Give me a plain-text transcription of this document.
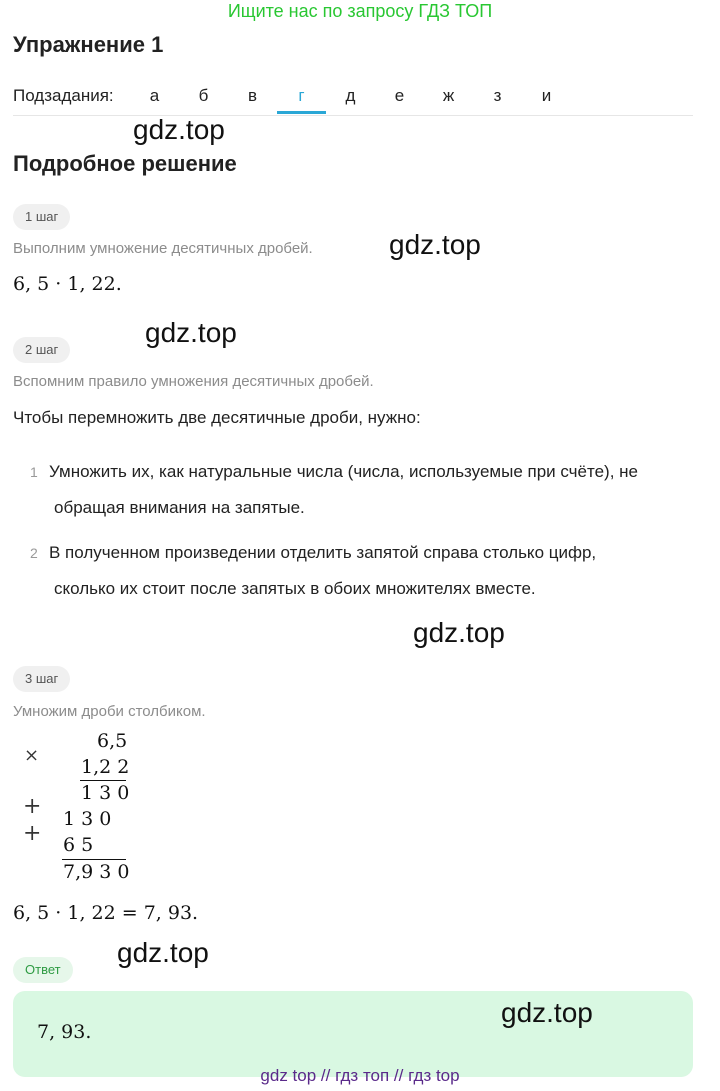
Ищите нас по запросу ГДЗ ТОП
Упражнение 1
Подзадания:	а	б	в	г	д	е	ж	з	и
gdz.top
gdz.top
gdz.top
gdz.top
gdz.top
gdz.top
Подробное решение
1 шаг
Выполним умножение десятичных дробей.
6, 5 · 1, 22.
2 шаг
Вспомним правило умножения десятичных дробей.
Чтобы перемножить две десятичные дроби, нужно:
1 Умножить их, как натуральные числа (числа, используемые при счёте), не
обращая внимания на запятые.
2 В полученном произведении отделить запятой справа столько цифр,
сколько их стоит после запятых в обоих множителях вместе.
3 шаг
Умножим дроби столбиком.
×
6,5
1,2 2
1 3 0
+
+
1 3 0
6 5
7,9 3 0
6, 5 · 1, 22 = 7, 93.
Ответ
7, 93.
gdz top // гдз топ // гдз top
